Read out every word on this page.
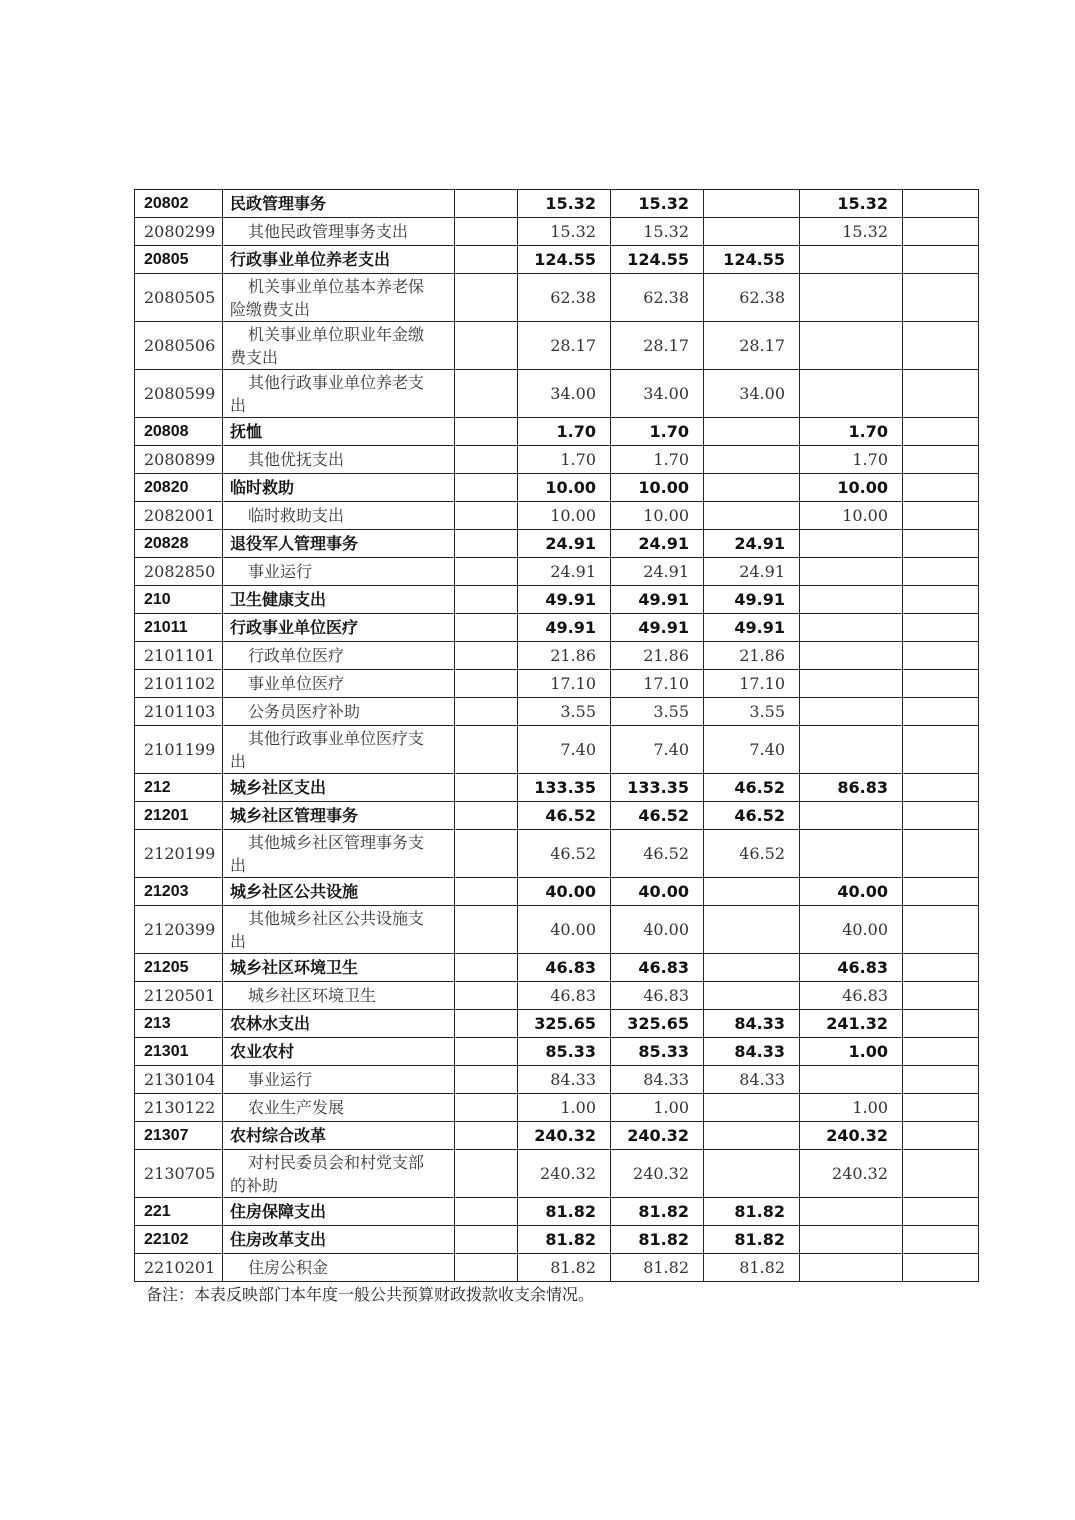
20802	民政管理事务		15.32	15.32		15.32	
2080299	其他民政管理事务支出		15.32	15.32		15.32	
20805	行政事业单位养老支出		124.55	124.55	124.55		
2080505	机关事业单位基本养老保险缴费支出		62.38	62.38	62.38		
2080506	机关事业单位职业年金缴费支出		28.17	28.17	28.17		
2080599	其他行政事业单位养老支出		34.00	34.00	34.00		
20808	抚恤		1.70	1.70		1.70	
2080899	其他优抚支出		1.70	1.70		1.70	
20820	临时救助		10.00	10.00		10.00	
2082001	临时救助支出		10.00	10.00		10.00	
20828	退役军人管理事务		24.91	24.91	24.91		
2082850	事业运行		24.91	24.91	24.91		
210	卫生健康支出		49.91	49.91	49.91		
21011	行政事业单位医疗		49.91	49.91	49.91		
2101101	行政单位医疗		21.86	21.86	21.86		
2101102	事业单位医疗		17.10	17.10	17.10		
2101103	公务员医疗补助		3.55	3.55	3.55		
2101199	其他行政事业单位医疗支出		7.40	7.40	7.40		
212	城乡社区支出		133.35	133.35	46.52	86.83	
21201	城乡社区管理事务		46.52	46.52	46.52		
2120199	其他城乡社区管理事务支出		46.52	46.52	46.52		
21203	城乡社区公共设施		40.00	40.00		40.00	
2120399	其他城乡社区公共设施支出		40.00	40.00		40.00	
21205	城乡社区环境卫生		46.83	46.83		46.83	
2120501	城乡社区环境卫生		46.83	46.83		46.83	
213	农林水支出		325.65	325.65	84.33	241.32	
21301	农业农村		85.33	85.33	84.33	1.00	
2130104	事业运行		84.33	84.33	84.33		
2130122	农业生产发展		1.00	1.00		1.00	
21307	农村综合改革		240.32	240.32		240.32	
2130705	对村民委员会和村党支部的补助		240.32	240.32		240.32	
221	住房保障支出		81.82	81.82	81.82		
22102	住房改革支出		81.82	81.82	81.82		
2210201	住房公积金		81.82	81.82	81.82		
备注：本表反映部门本年度一般公共预算财政拨款收支余情况。
